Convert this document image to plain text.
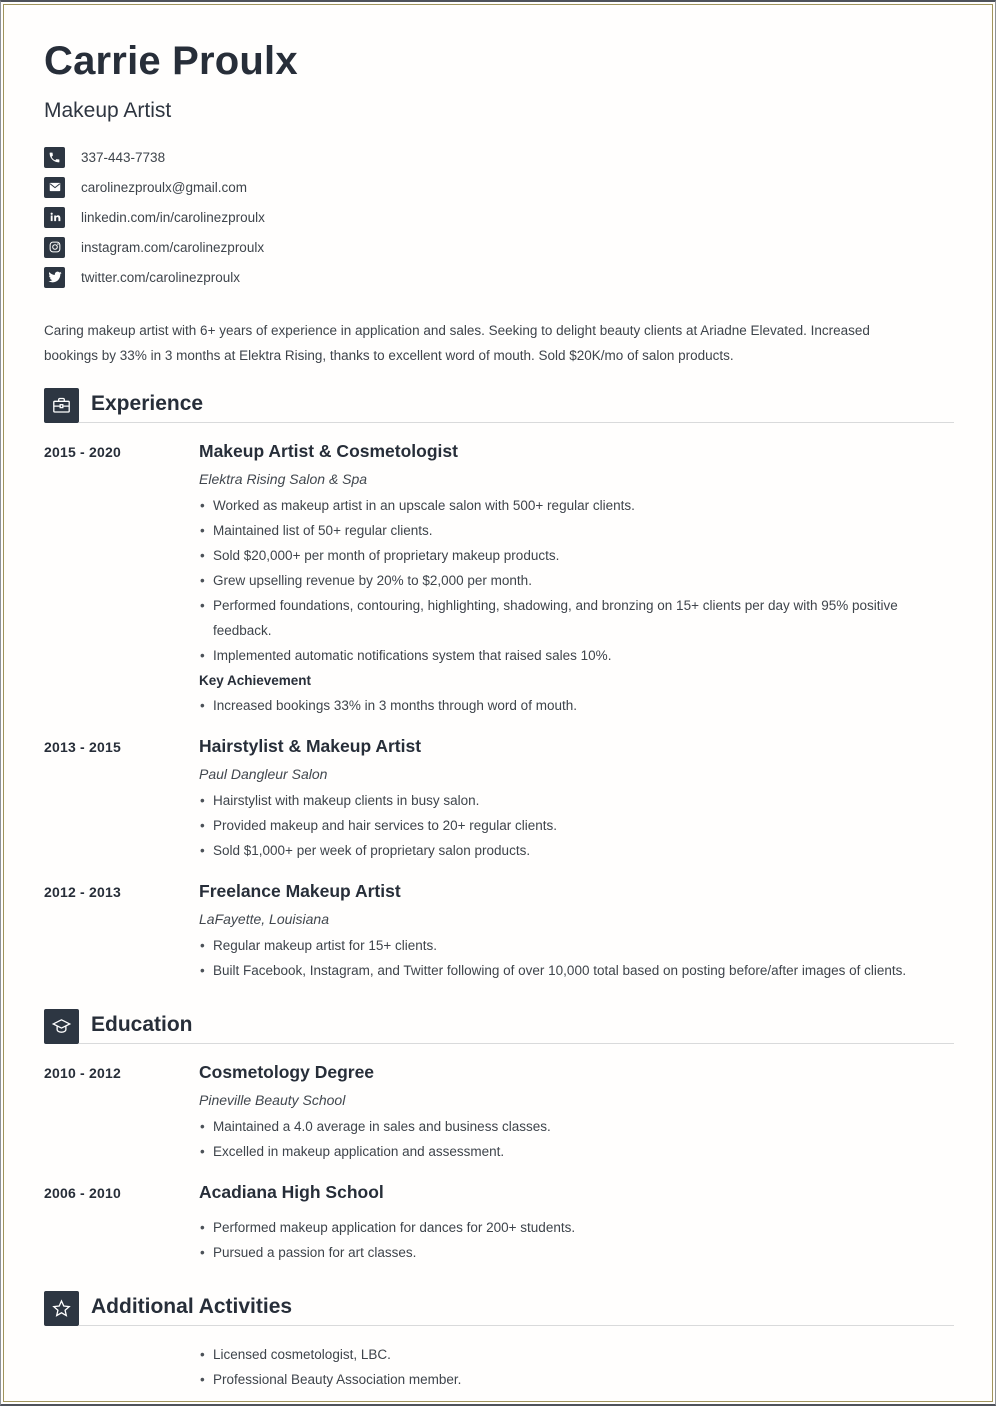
Carrie Proulx
Makeup Artist
337-443-7738
carolinezproulx@gmail.com
linkedin.com/in/carolinezproulx
instagram.com/carolinezproulx
twitter.com/carolinezproulx

Caring makeup artist with 6+ years of experience in application and sales. Seeking to delight beauty clients at Ariadne Elevated. Increased bookings by 33% in 3 months at Elektra Rising, thanks to excellent word of mouth. Sold $20K/mo of salon products.

Experience
2015 - 2020	Makeup Artist & Cosmetologist
Elektra Rising Salon & Spa
• Worked as makeup artist in an upscale salon with 500+ regular clients.
• Maintained list of 50+ regular clients.
• Sold $20,000+ per month of proprietary makeup products.
• Grew upselling revenue by 20% to $2,000 per month.
• Performed foundations, contouring, highlighting, shadowing, and bronzing on 15+ clients per day with 95% positive feedback.
• Implemented automatic notifications system that raised sales 10%.
Key Achievement
• Increased bookings 33% in 3 months through word of mouth.
2013 - 2015	Hairstylist & Makeup Artist
Paul Dangleur Salon
• Hairstylist with makeup clients in busy salon.
• Provided makeup and hair services to 20+ regular clients.
• Sold $1,000+ per week of proprietary salon products.
2012 - 2013	Freelance Makeup Artist
LaFayette, Louisiana
• Regular makeup artist for 15+ clients.
• Built Facebook, Instagram, and Twitter following of over 10,000 total based on posting before/after images of clients.
Education
2010 - 2012	Cosmetology Degree
Pineville Beauty School
• Maintained a 4.0 average in sales and business classes.
• Excelled in makeup application and assessment.
2006 - 2010	Acadiana High School
• Performed makeup application for dances for 200+ students.
• Pursued a passion for art classes.
Additional Activities
• Licensed cosmetologist, LBC.
• Professional Beauty Association member.
